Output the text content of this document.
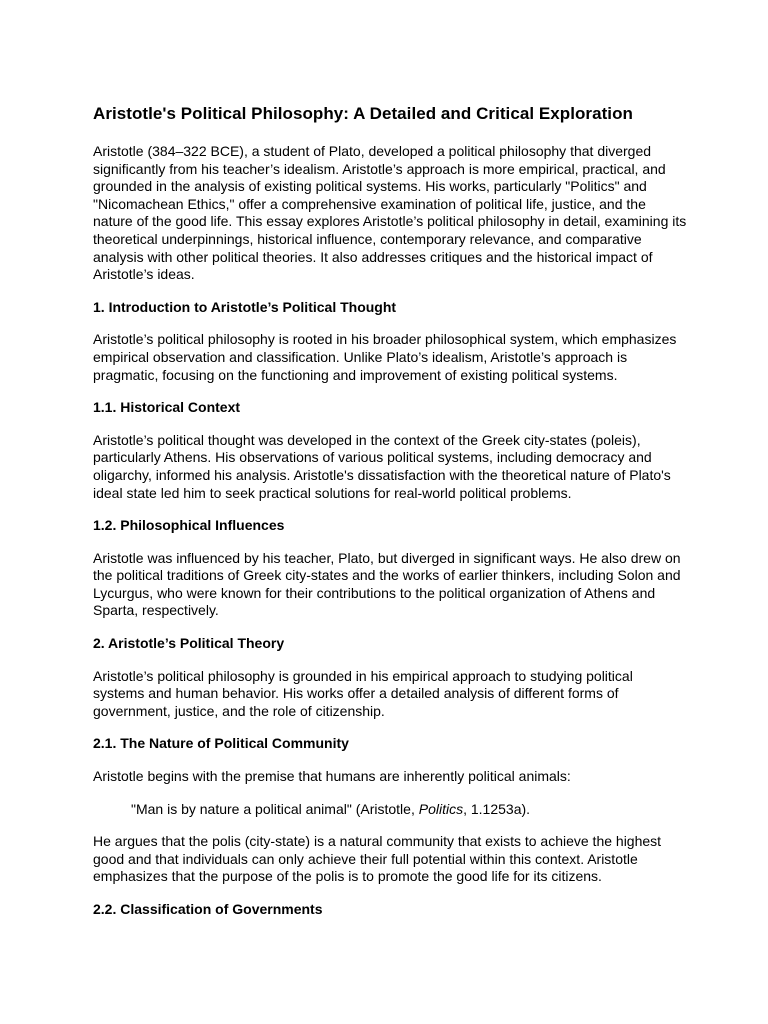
Aristotle's Political Philosophy: A Detailed and Critical Exploration

Aristotle (384–322 BCE), a student of Plato, developed a political philosophy that diverged significantly from his teacher’s idealism. Aristotle’s approach is more empirical, practical, and grounded in the analysis of existing political systems. His works, particularly "Politics" and "Nicomachean Ethics," offer a comprehensive examination of political life, justice, and the nature of the good life. This essay explores Aristotle’s political philosophy in detail, examining its theoretical underpinnings, historical influence, contemporary relevance, and comparative analysis with other political theories. It also addresses critiques and the historical impact of Aristotle’s ideas.

1. Introduction to Aristotle’s Political Thought

Aristotle’s political philosophy is rooted in his broader philosophical system, which emphasizes empirical observation and classification. Unlike Plato’s idealism, Aristotle’s approach is pragmatic, focusing on the functioning and improvement of existing political systems.

1.1. Historical Context

Aristotle’s political thought was developed in the context of the Greek city-states (poleis), particularly Athens. His observations of various political systems, including democracy and oligarchy, informed his analysis. Aristotle's dissatisfaction with the theoretical nature of Plato's ideal state led him to seek practical solutions for real-world political problems.

1.2. Philosophical Influences

Aristotle was influenced by his teacher, Plato, but diverged in significant ways. He also drew on the political traditions of Greek city-states and the works of earlier thinkers, including Solon and Lycurgus, who were known for their contributions to the political organization of Athens and Sparta, respectively.

2. Aristotle’s Political Theory

Aristotle’s political philosophy is grounded in his empirical approach to studying political systems and human behavior. His works offer a detailed analysis of different forms of government, justice, and the role of citizenship.

2.1. The Nature of Political Community

Aristotle begins with the premise that humans are inherently political animals:

"Man is by nature a political animal" (Aristotle, Politics, 1.1253a).

He argues that the polis (city-state) is a natural community that exists to achieve the highest good and that individuals can only achieve their full potential within this context. Aristotle emphasizes that the purpose of the polis is to promote the good life for its citizens.

2.2. Classification of Governments
